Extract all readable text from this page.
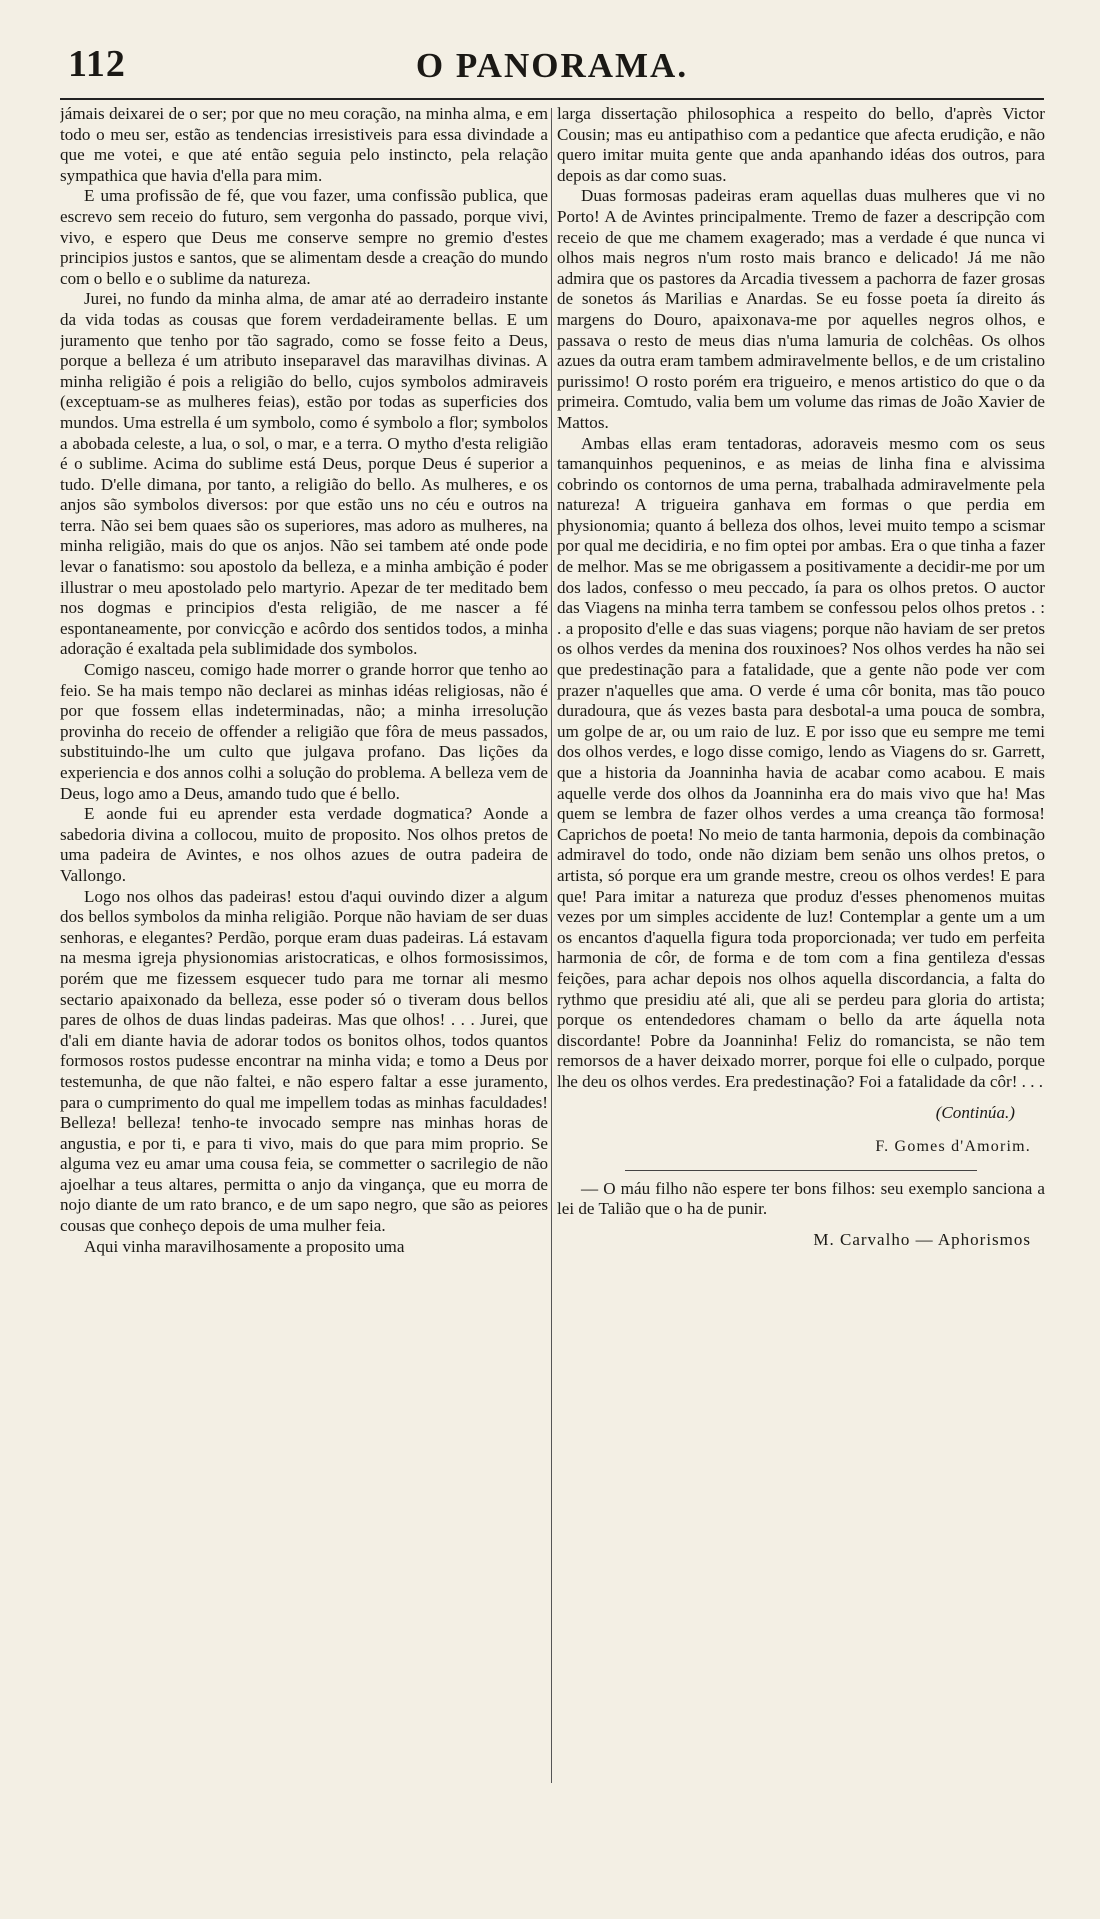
112	O PANORAMA.

jámais deixarei de o ser; por que no meu coração, na minha alma, e em todo o meu ser, estão as tendencias irresistiveis para essa divindade a que me votei, e que até então seguia pelo instincto, pela relação sympathica que havia d'ella para mim.

E uma profissão de fé, que vou fazer, uma confissão publica, que escrevo sem receio do futuro, sem vergonha do passado, porque vivi, vivo, e espero que Deus me conserve sempre no gremio d'estes principios justos e santos, que se alimentam desde a creação do mundo com o bello e o sublime da natureza.

Jurei, no fundo da minha alma, de amar até ao derradeiro instante da vida todas as cousas que forem verdadeiramente bellas. E um juramento que tenho por tão sagrado, como se fosse feito a Deus, porque a belleza é um atributo inseparavel das maravilhas divinas. A minha religião é pois a religião do bello, cujos symbolos admiraveis (exceptuam-se as mulheres feias), estão por todas as superficies dos mundos. Uma estrella é um symbolo, como é symbolo a flor; symbolos a abobada celeste, a lua, o sol, o mar, e a terra. O mytho d'esta religião é o sublime. Acima do sublime está Deus, porque Deus é superior a tudo. D'elle dimana, por tanto, a religião do bello. As mulheres, e os anjos são symbolos diversos: por que estão uns no céu e outros na terra. Não sei bem quaes são os superiores, mas adoro as mulheres, na minha religião, mais do que os anjos. Não sei tambem até onde pode levar o fanatismo: sou apostolo da belleza, e a minha ambição é poder illustrar o meu apostolado pelo martyrio. Apezar de ter meditado bem nos dogmas e principios d'esta religião, de me nascer a fé espontaneamente, por convicção e acôrdo dos sentidos todos, a minha adoração é exaltada pela sublimidade dos symbolos.

Comigo nasceu, comigo hade morrer o grande horror que tenho ao feio. Se ha mais tempo não declarei as minhas idéas religiosas, não é por que fossem ellas indeterminadas, não; a minha irresolução provinha do receio de offender a religião que fôra de meus passados, substituindo-lhe um culto que julgava profano. Das lições da experiencia e dos annos colhi a solução do problema. A belleza vem de Deus, logo amo a Deus, amando tudo que é bello.

E aonde fui eu aprender esta verdade dogmatica? Aonde a sabedoria divina a collocou, muito de proposito. Nos olhos pretos de uma padeira de Avintes, e nos olhos azues de outra padeira de Vallongo.

Logo nos olhos das padeiras! estou d'aqui ouvindo dizer a algum dos bellos symbolos da minha religião. Porque não haviam de ser duas senhoras, e elegantes? Perdão, porque eram duas padeiras. Lá estavam na mesma igreja physionomias aristocraticas, e olhos formosissimos, porém que me fizessem esquecer tudo para me tornar ali mesmo sectario apaixonado da belleza, esse poder só o tiveram dous bellos pares de olhos de duas lindas padeiras. Mas que olhos! . . . Jurei, que d'ali em diante havia de adorar todos os bonitos olhos, todos quantos formosos rostos pudesse encontrar na minha vida; e tomo a Deus por testemunha, de que não faltei, e não espero faltar a esse juramento, para o cumprimento do qual me impellem todas as minhas faculdades! Belleza! belleza! tenho-te invocado sempre nas minhas horas de angustia, e por ti, e para ti vivo, mais do que para mim proprio. Se alguma vez eu amar uma cousa feia, se commetter o sacrilegio de não ajoelhar a teus altares, permitta o anjo da vingança, que eu morra de nojo diante de um rato branco, e de um sapo negro, que são as peiores cousas que conheço depois de uma mulher feia.

Aqui vinha maravilhosamente a proposito uma

larga dissertação philosophica a respeito do bello, d'après Victor Cousin; mas eu antipathiso com a pedantice que afecta erudição, e não quero imitar muita gente que anda apanhando idéas dos outros, para depois as dar como suas.

Duas formosas padeiras eram aquellas duas mulheres que vi no Porto! A de Avintes principalmente. Tremo de fazer a descripção com receio de que me chamem exagerado; mas a verdade é que nunca vi olhos mais negros n'um rosto mais branco e delicado! Já me não admira que os pastores da Arcadia tivessem a pachorra de fazer grosas de sonetos ás Marilias e Anardas. Se eu fosse poeta ía direito ás margens do Douro, apaixonava-me por aquelles negros olhos, e passava o resto de meus dias n'uma lamuria de colchêas. Os olhos azues da outra eram tambem admiravelmente bellos, e de um cristalino purissimo! O rosto porém era trigueiro, e menos artistico do que o da primeira. Comtudo, valia bem um volume das rimas de João Xavier de Mattos.

Ambas ellas eram tentadoras, adoraveis mesmo com os seus tamanquinhos pequeninos, e as meias de linha fina e alvissima cobrindo os contornos de uma perna, trabalhada admiravelmente pela natureza! A trigueira ganhava em formas o que perdia em physionomia; quanto á belleza dos olhos, levei muito tempo a scismar por qual me decidiria, e no fim optei por ambas. Era o que tinha a fazer de melhor. Mas se me obrigassem a positivamente a decidir-me por um dos lados, confesso o meu peccado, ía para os olhos pretos. O auctor das Viagens na minha terra tambem se confessou pelos olhos pretos . : . a proposito d'elle e das suas viagens; porque não haviam de ser pretos os olhos verdes da menina dos rouxinoes? Nos olhos verdes ha não sei que predestinação para a fatalidade, que a gente não pode ver com prazer n'aquelles que ama. O verde é uma côr bonita, mas tão pouco duradoura, que ás vezes basta para desbotal-a uma pouca de sombra, um golpe de ar, ou um raio de luz. E por isso que eu sempre me temi dos olhos verdes, e logo disse comigo, lendo as Viagens do sr. Garrett, que a historia da Joanninha havia de acabar como acabou. E mais aquelle verde dos olhos da Joanninha era do mais vivo que ha! Mas quem se lembra de fazer olhos verdes a uma creança tão formosa! Caprichos de poeta! No meio de tanta harmonia, depois da combinação admiravel do todo, onde não diziam bem senão uns olhos pretos, o artista, só porque era um grande mestre, creou os olhos verdes! E para que! Para imitar a natureza que produz d'esses phenomenos muitas vezes por um simples accidente de luz! Contemplar a gente um a um os encantos d'aquella figura toda proporcionada; ver tudo em perfeita harmonia de côr, de forma e de tom com a fina gentileza d'essas feições, para achar depois nos olhos aquella discordancia, a falta do rythmo que presidiu até ali, que ali se perdeu para gloria do artista; porque os entendedores chamam o bello da arte áquella nota discordante! Pobre da Joanninha! Feliz do romancista, se não tem remorsos de a haver deixado morrer, porque foi elle o culpado, porque lhe deu os olhos verdes. Era predestinação? Foi a fatalidade da côr! . . .

(Continúa.)
F. Gomes d'Amorim.

— O máu filho não espere ter bons filhos: seu exemplo sanciona a lei de Talião que o ha de punir.

M. Carvalho — Aphorismos
